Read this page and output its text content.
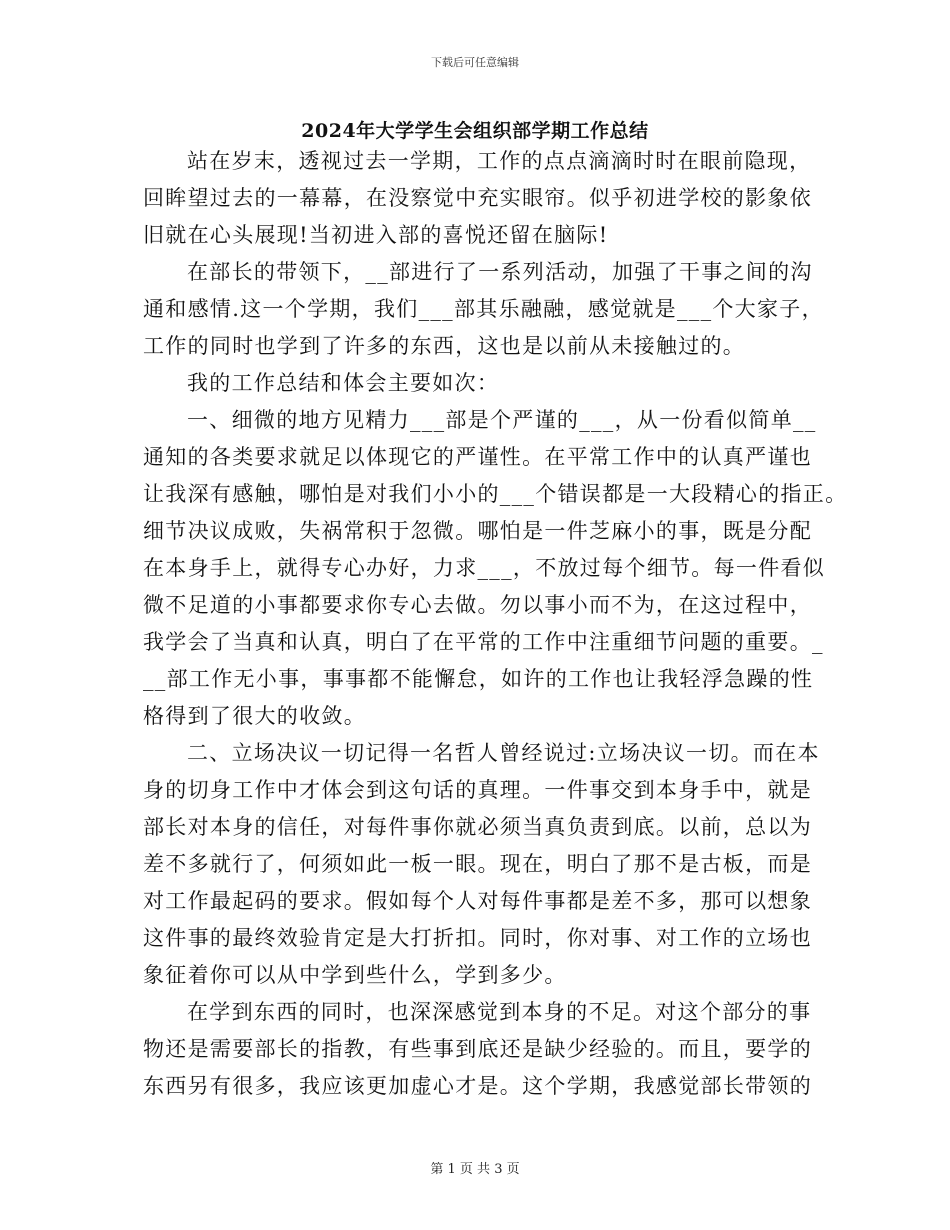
下载后可任意编辑
2024年大学学生会组织部学期工作总结
站在岁末，透视过去一学期，工作的点点滴滴时时在眼前隐现，
回眸望过去的一幕幕，在没察觉中充实眼帘。似乎初进学校的影象依
旧就在心头展现!当初进入部的喜悦还留在脑际!
在部长的带领下，__部进行了一系列活动，加强了干事之间的沟
通和感情.这一个学期，我们___部其乐融融，感觉就是___个大家子，
工作的同时也学到了许多的东西，这也是以前从未接触过的。
我的工作总结和体会主要如次：
一、细微的地方见精力___部是个严谨的___，从一份看似简单__
通知的各类要求就足以体现它的严谨性。在平常工作中的认真严谨也
让我深有感触，哪怕是对我们小小的___个错误都是一大段精心的指正。
细节决议成败，失祸常积于忽微。哪怕是一件芝麻小的事，既是分配
在本身手上，就得专心办好，力求___，不放过每个细节。每一件看似
微不足道的小事都要求你专心去做。勿以事小而不为，在这过程中，
我学会了当真和认真，明白了在平常的工作中注重细节问题的重要。_
__部工作无小事，事事都不能懈怠，如许的工作也让我轻浮急躁的性
格得到了很大的收敛。
二、立场决议一切记得一名哲人曾经说过:立场决议一切。而在本
身的切身工作中才体会到这句话的真理。一件事交到本身手中，就是
部长对本身的信任，对每件事你就必须当真负责到底。以前，总以为
差不多就行了，何须如此一板一眼。现在，明白了那不是古板，而是
对工作最起码的要求。假如每个人对每件事都是差不多，那可以想象
这件事的最终效验肯定是大打折扣。同时，你对事、对工作的立场也
象征着你可以从中学到些什么，学到多少。
在学到东西的同时，也深深感觉到本身的不足。对这个部分的事
物还是需要部长的指教，有些事到底还是缺少经验的。而且，要学的
东西另有很多，我应该更加虚心才是。这个学期，我感觉部长带领的
第 1 页 共 3 页
